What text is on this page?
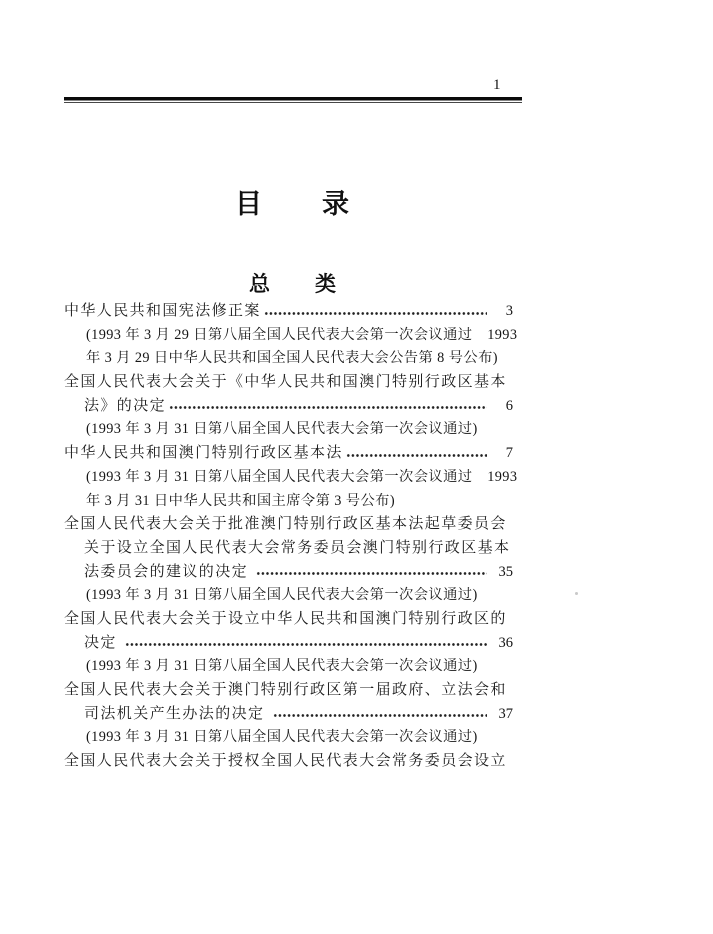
1
目　　录
总　　类
中华人民共和国宪法修正案	3
(1993 年 3 月 29 日第八届全国人民代表大会第一次会议通过　1993
年 3 月 29 日中华人民共和国全国人民代表大会公告第 8 号公布)
全国人民代表大会关于《中华人民共和国澳门特别行政区基本
法》的决定	6
(1993 年 3 月 31 日第八届全国人民代表大会第一次会议通过)
中华人民共和国澳门特别行政区基本法	7
(1993 年 3 月 31 日第八届全国人民代表大会第一次会议通过　1993
年 3 月 31 日中华人民共和国主席令第 3 号公布)
全国人民代表大会关于批准澳门特别行政区基本法起草委员会
关于设立全国人民代表大会常务委员会澳门特别行政区基本
法委员会的建议的决定	35
(1993 年 3 月 31 日第八届全国人民代表大会第一次会议通过)
全国人民代表大会关于设立中华人民共和国澳门特别行政区的
决定	36
(1993 年 3 月 31 日第八届全国人民代表大会第一次会议通过)
全国人民代表大会关于澳门特别行政区第一届政府、立法会和
司法机关产生办法的决定	37
(1993 年 3 月 31 日第八届全国人民代表大会第一次会议通过)
全国人民代表大会关于授权全国人民代表大会常务委员会设立
